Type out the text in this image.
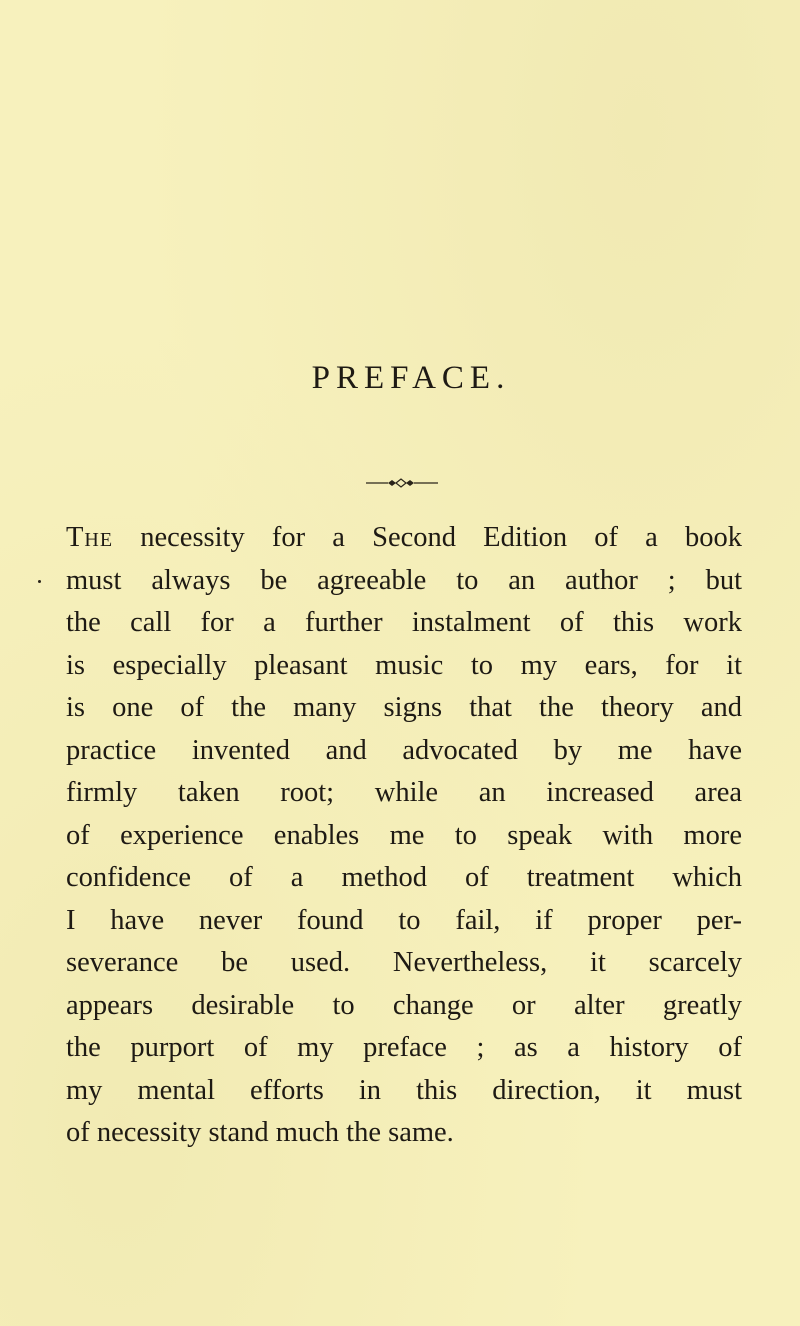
PREFACE.
The necessity for a Second Edition of a book
must always be agreeable to an author ; but
the call for a further instalment of this work
is especially pleasant music to my ears, for it
is one of the many signs that the theory and
practice invented and advocated by me have
firmly taken root; while an increased area
of experience enables me to speak with more
confidence of a method of treatment which
I have never found to fail, if proper per-
severance be used. Nevertheless, it scarcely
appears desirable to change or alter greatly
the purport of my preface ; as a history of
my mental efforts in this direction, it must
of necessity stand much the same.
